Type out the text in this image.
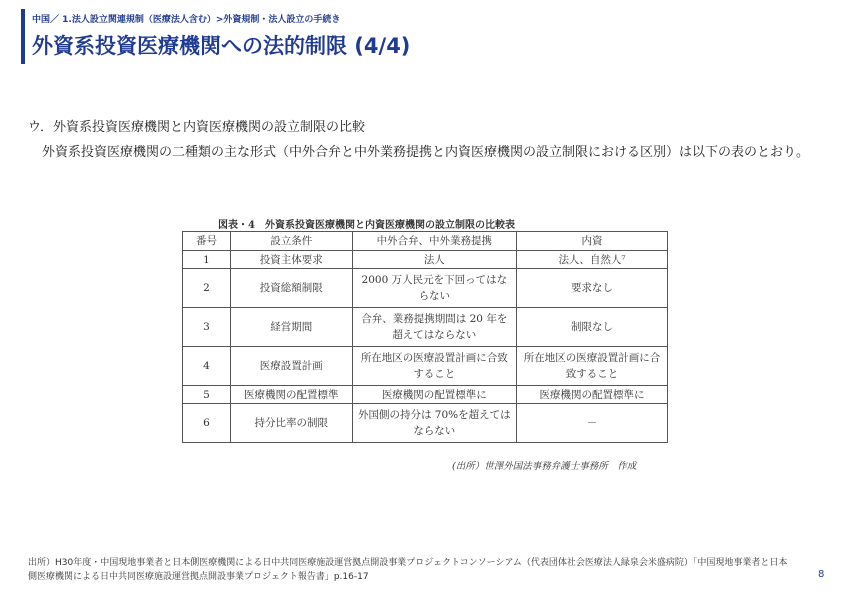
中国／ 1.法人設立関連規制（医療法人含む）>外資規制・法人設立の手続き
外資系投資医療機関への法的制限 (4/4)
ウ．外資系投資医療機関と内資医療機関の設立制限の比較
外資系投資医療機関の二種類の主な形式（中外合弁と中外業務提携と内資医療機関の設立制限における区別）は以下の表のとおり。
図表・4　外資系投資医療機関と内資医療機関の設立制限の比較表
番号	設立条件	中外合弁、中外業務提携	内資
1	投資主体要求	法人	法人、自然人⁷
2	投資総額制限	2000 万人民元を下回ってはならない	要求なし
3	経営期間	合弁、業務提携期間は 20 年を超えてはならない	制限なし
4	医療設置計画	所在地区の医療設置計画に合致すること	所在地区の医療設置計画に合致すること
5	医療機関の配置標準	医療機関の配置標準に	医療機関の配置標準に
6	持分比率の制限	外国側の持分は 70%を超えてはならない	－
(出所）世澤外国法事務弁護士事務所　作成
出所）H30年度・中国現地事業者と日本側医療機関による日中共同医療施設運営拠点開設事業プロジェクトコンソーシアム（代表団体社会医療法人緑泉会米盛病院）「中国現地事業者と日本側医療機関による日中共同医療施設運営拠点開設事業プロジェクト報告書」p.16-17	8
